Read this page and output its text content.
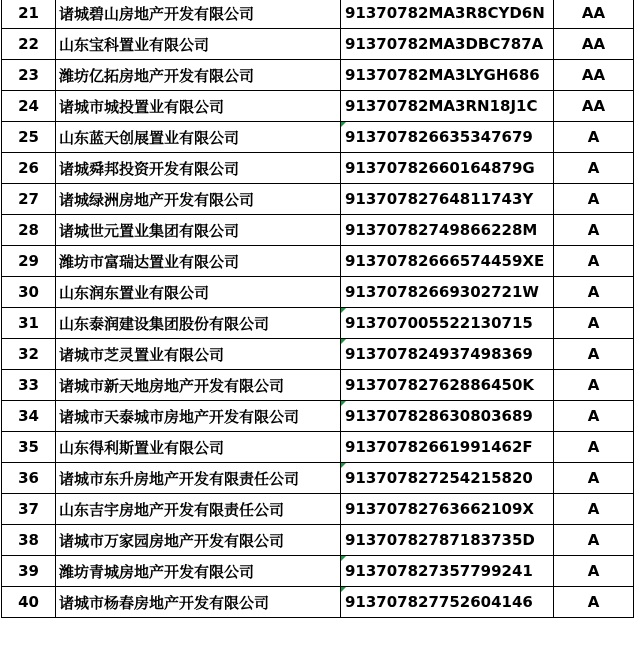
21	诸城碧山房地产开发有限公司	91370782MA3R8CYD6N	AA
22	山东宝科置业有限公司	91370782MA3DBC787A	AA
23	潍坊亿拓房地产开发有限公司	91370782MA3LYGH686	AA
24	诸城市城投置业有限公司	91370782MA3RN18J1C	AA
25	山东蓝天创展置业有限公司	913707826635347679	A
26	诸城舜邦投资开发有限公司	91370782660164879G	A
27	诸城绿洲房地产开发有限公司	91370782764811743Y	A
28	诸城世元置业集团有限公司	91370782749866228M	A
29	潍坊市富瑞达置业有限公司	91370782666574459XE	A
30	山东润东置业有限公司	91370782669302721W	A
31	山东泰润建设集团股份有限公司	913707005522130715	A
32	诸城市芝灵置业有限公司	913707824937498369	A
33	诸城市新天地房地产开发有限公司	91370782762886450K	A
34	诸城市天泰城市房地产开发有限公司	913707828630803689	A
35	山东得利斯置业有限公司	91370782661991462F	A
36	诸城市东升房地产开发有限责任公司	913707827254215820	A
37	山东吉宇房地产开发有限责任公司	91370782763662109X	A
38	诸城市万家园房地产开发有限公司	91370782787183735D	A
39	潍坊青城房地产开发有限公司	913707827357799241	A
40	诸城市杨春房地产开发有限公司	913707827752604146	A
